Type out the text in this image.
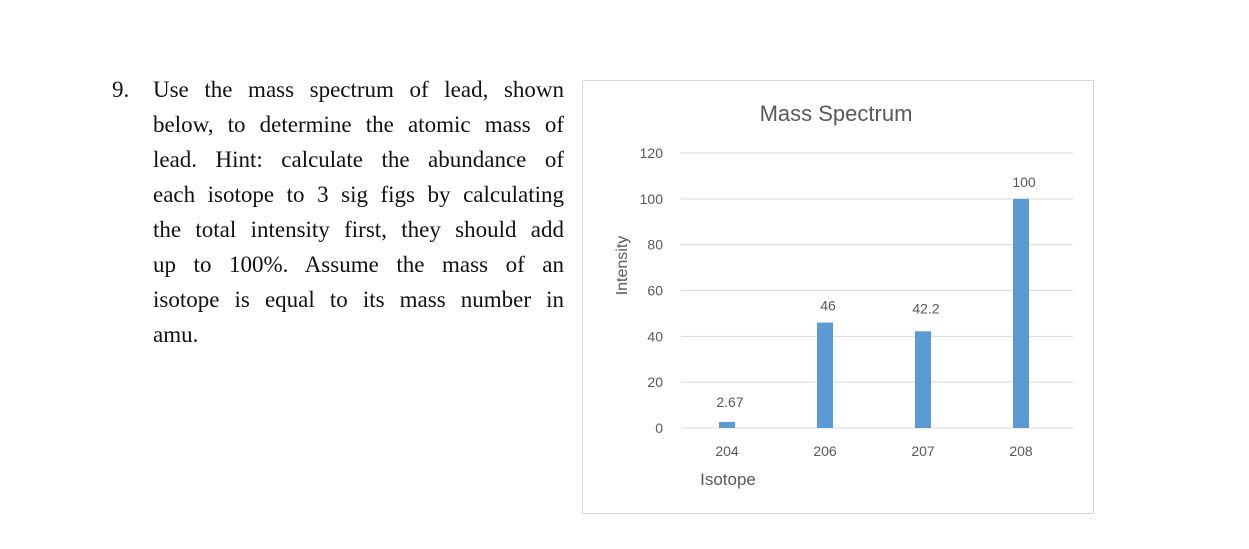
9. Use the mass spectrum of lead, shown
below, to determine the atomic mass of
lead. Hint: calculate the abundance of
each isotope to 3 sig figs by calculating
the total intensity first, they should add
up to 100%. Assume the mass of an
isotope is equal to its mass number in
amu.
Mass Spectrum
0
20
40
60
80
100
120
Intensity
2.67
204
46
206
42.2
207
100
208
Isotope
